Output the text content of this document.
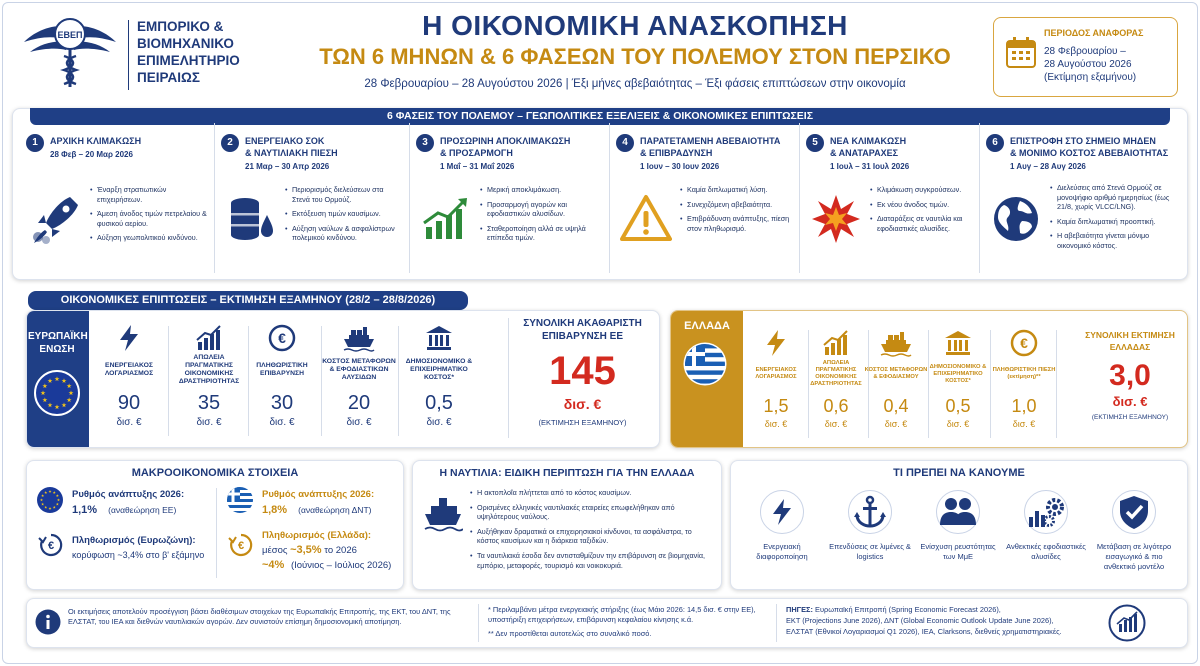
ΕΒΕΠ
ΕΜΠΟΡΙΚΟ &
ΒΙΟΜΗΧΑΝΙΚΟ
ΕΠΙΜΕΛΗΤΗΡΙΟ
ΠΕΙΡΑΙΩΣ
Η ΟΙΚΟΝΟΜΙΚΗ ΑΝΑΣΚΟΠΗΣΗ
ΤΩΝ 6 ΜΗΝΩΝ & 6 ΦΑΣΕΩΝ ΤΟΥ ΠΟΛΕΜΟΥ ΣΤΟΝ ΠΕΡΣΙΚΟ
28 Φεβρουαρίου – 28 Αυγούστου 2026 | Έξι μήνες αβεβαιότητας – Έξι φάσεις επιπτώσεων στην οικονομία
ΠΕΡΙΟΔΟΣ ΑΝΑΦΟΡΑΣ
28 Φεβρουαρίου –
28 Αυγούστου 2026
(Εκτίμηση εξαμήνου)
6 ΦΑΣΕΙΣ ΤΟΥ ΠΟΛΕΜΟΥ – ΓΕΩΠΟΛΙΤΙΚΕΣ ΕΞΕΛΙΞΕΙΣ & ΟΙΚΟΝΟΜΙΚΕΣ ΕΠΙΠΤΩΣΕΙΣ
1	ΑΡΧΙΚΗ ΚΛΙΜΑΚΩΣΗ
28 Φεβ – 20 Μαρ 2026
• Έναρξη στρατιωτικών επιχειρήσεων.
• Άμεση άνοδος τιμών πετρελαίου & φυσικού αερίου.
• Αύξηση γεωπολιτικού κινδύνου.
2	ΕΝΕΡΓΕΙΑΚΟ ΣΟΚ
& ΝΑΥΤΙΛΙΑΚΗ ΠΙΕΣΗ
21 Μαρ – 30 Απρ 2026
• Περιορισμός διελεύσεων στα Στενά του Ορμούζ.
• Εκτόξευση τιμών καυσίμων.
• Αύξηση ναύλων & ασφαλίστρων πολεμικού κινδύνου.
3	ΠΡΟΣΩΡΙΝΗ ΑΠΟΚΛΙΜΑΚΩΣΗ
& ΠΡΟΣΑΡΜΟΓΗ
1 Μαΐ – 31 Μαΐ 2026
• Μερική αποκλιμάκωση.
• Προσαρμογή αγορών και εφοδιαστικών αλυσίδων.
• Σταθεροποίηση αλλά σε υψηλά επίπεδα τιμών.
4	ΠΑΡΑΤΕΤΑΜΕΝΗ ΑΒΕΒΑΙΟΤΗΤΑ
& ΕΠΙΒΡΑΔΥΝΣΗ
1 Ιουν – 30 Ιουν 2026
• Καμία διπλωματική λύση.
• Συνεχιζόμενη αβεβαιότητα.
• Επιβράδυνση ανάπτυξης, πίεση στον πληθωρισμό.
5	ΝΕΑ ΚΛΙΜΑΚΩΣΗ
& ΑΝΑΤΑΡΑΧΕΣ
1 Ιουλ – 31 Ιουλ 2026
• Κλιμάκωση συγκρούσεων.
• Εκ νέου άνοδος τιμών.
• Διαταράξεις σε ναυτιλία και εφοδιαστικές αλυσίδες.
6	ΕΠΙΣΤΡΟΦΗ ΣΤΟ ΣΗΜΕΙΟ ΜΗΔΕΝ
& ΜΟΝΙΜΟ ΚΟΣΤΟΣ ΑΒΕΒΑΙΟΤΗΤΑΣ
1 Αυγ – 28 Αυγ 2026
• Διελεύσεις από Στενά Ορμούζ σε μονοψήφιο αριθμό ημερησίως (έως 21/8, χωρίς VLCC/LNG).
• Καμία διπλωματική προοπτική.
• Η αβεβαιότητα γίνεται μόνιμο οικονομικό κόστος.
ΟΙΚΟΝΟΜΙΚΕΣ ΕΠΙΠΤΩΣΕΙΣ – ΕΚΤΙΜΗΣΗ ΕΞΑΜΗΝΟΥ (28/2 – 28/8/2026)
ΕΥΡΩΠΑΪΚΗ
ΕΝΩΣΗ
ΕΝΕΡΓΕΙΑΚΟΣ ΛΟΓΑΡΙΑΣΜΟΣ
90
δισ. €
ΑΠΩΛΕΙΑ ΠΡΑΓΜΑΤΙΚΗΣ ΟΙΚΟΝΟΜΙΚΗΣ ΔΡΑΣΤΗΡΙΟΤΗΤΑΣ
35
δισ. €
€
ΠΛΗΘΩΡΙΣΤΙΚΗ ΕΠΙΒΑΡΥΝΣΗ
30
δισ. €
ΚΟΣΤΟΣ ΜΕΤΑΦΟΡΩΝ & ΕΦΟΔΙΑΣΤΙΚΩΝ ΑΛΥΣΙΔΩΝ
20
δισ. €
ΔΗΜΟΣΙΟΝΟΜΙΚΟ & ΕΠΙΧΕΙΡΗΜΑΤΙΚΟ ΚΟΣΤΟΣ*
0,5
δισ. €
ΣΥΝΟΛΙΚΗ ΑΚΑΘΑΡΙΣΤΗ
ΕΠΙΒΑΡΥΝΣΗ ΕΕ
145
δισ. €
(ΕΚΤΙΜΗΣΗ ΕΞΑΜΗΝΟΥ)
ΕΛΛΑΔΑ
ΕΝΕΡΓΕΙΑΚΟΣ ΛΟΓΑΡΙΑΣΜΟΣ
1,5
δισ. €
ΑΠΩΛΕΙΑ ΠΡΑΓΜΑΤΙΚΗΣ ΟΙΚΟΝΟΜΙΚΗΣ ΔΡΑΣΤΗΡΙΟΤΗΤΑΣ
0,6
δισ. €
ΚΟΣΤΟΣ ΜΕΤΑΦΟΡΩΝ & ΕΦΟΔΙΑΣΜΟΥ
0,4
δισ. €
ΔΗΜΟΣΙΟΝΟΜΙΚΟ & ΕΠΙΧΕΙΡΗΜΑΤΙΚΟ ΚΟΣΤΟΣ*
0,5
δισ. €
€
ΠΛΗΘΩΡΙΣΤΙΚΗ ΠΙΕΣΗ (εκτίμηση)**
1,0
δισ. €
ΣΥΝΟΛΙΚΗ ΕΚΤΙΜΗΣΗ
ΕΛΛΑΔΑΣ
3,0
δισ. €
(ΕΚΤΙΜΗΣΗ ΕΞΑΜΗΝΟΥ)
ΜΑΚΡΟΟΙΚΟΝΟΜΙΚΑ ΣΤΟΙΧΕΙΑ
Ρυθμός ανάπτυξης 2026:
1,1% (αναθεώρηση ΕΕ)
€ Πληθωρισμός (Ευρωζώνη):
κορύφωση ~3,4% στο β' εξάμηνο
Ρυθμός ανάπτυξης 2026:
1,8% (αναθεώρηση ΔΝΤ)
€
Πληθωρισμός (Ελλάδα):
μέσος ~3,5% το 2026
~4% (Ιούνιος – Ιούλιος 2026)
Η ΝΑΥΤΙΛΙΑ: ΕΙΔΙΚΗ ΠΕΡΙΠΤΩΣΗ ΓΙΑ ΤΗΝ ΕΛΛΑΔΑ
• Η ακτοπλοΐα πλήττεται από το κόστος καυσίμων.
• Ορισμένες ελληνικές ναυτιλιακές εταιρείες επωφελήθηκαν από υψηλότερους ναύλους.
• Αυξήθηκαν δραματικά οι επιχειρησιακοί κίνδυνοι, τα ασφάλιστρα, το κόστος καυσίμων και η διάρκεια ταξιδιών.
• Τα ναυτιλιακά έσοδα δεν αντισταθμίζουν την επιβάρυνση σε βιομηχανία, εμπόριο, μεταφορές, τουρισμό και νοικοκυριά.
ΤΙ ΠΡΕΠΕΙ ΝΑ ΚΑΝΟΥΜΕ
Ενεργειακή διαφοροποίηση
Επενδύσεις σε λιμένες & logistics
Ενίσχυση ρευστότητας των ΜμΕ
Ανθεκτικές εφοδιαστικές αλυσίδες
Μετάβαση σε λιγότερο εισαγωγικό & πιο ανθεκτικό μοντέλο
Οι εκτιμήσεις αποτελούν προσέγγιση βάσει διαθέσιμων στοιχείων της Ευρωπαϊκής Επιτροπής, της ΕΚΤ, του ΔΝΤ, της ΕΛΣΤΑΤ, του ΙΕΑ και διεθνών ναυτιλιακών αγορών. Δεν συνιστούν επίσημη δημοσιονομική αποτίμηση.
* Περιλαμβάνει μέτρα ενεργειακής στήριξης (έως Μάιο 2026: 14,5 δισ. € στην ΕΕ), υποστήριξη επιχειρήσεων, επιβάρυνση κεφαλαίου κίνησης κ.ά.
** Δεν προστίθεται αυτοτελώς στο συναλικό ποσό.
ΠΗΓΕΣ: Ευρωπαϊκή Επιτροπή (Spring Economic Forecast 2026),
ΕΚΤ (Projections June 2026), ΔΝΤ (Global Economic Outlook Update June 2026),
ΕΛΣΤΑΤ (Εθνικοί Λογαριασμοί Q1 2026), IEA, Clarksons, διεθνείς χρηματιστηριακές.
